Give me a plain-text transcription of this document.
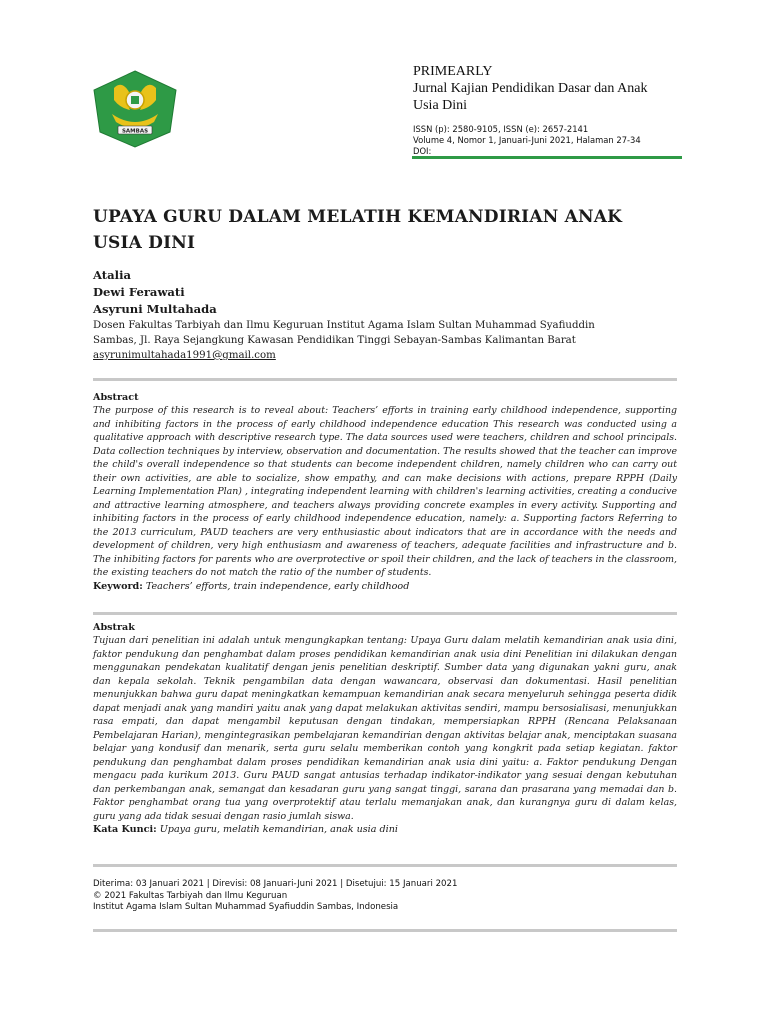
SAMBAS
PRIMEARLY
Jurnal Kajian Pendidikan Dasar dan Anak
Usia Dini
ISSN (p): 2580-9105, ISSN (e): 2657-2141
Volume 4, Nomor 1, Januari-Juni 2021, Halaman 27-34
DOI:
UPAYA GURU DALAM MELATIH KEMANDIRIAN ANAK
USIA DINI
Atalia
Dewi Ferawati
Asyruni Multahada
Dosen Fakultas Tarbiyah dan Ilmu Keguruan Institut Agama Islam Sultan Muhammad Syafiuddin
Sambas, Jl. Raya Sejangkung Kawasan Pendidikan Tinggi Sebayan-Sambas Kalimantan Barat
asyrunimultahada1991@gmail.com
Abstract
The purpose of this research is to reveal about: Teachers’ efforts in training early childhood independence, supporting and inhibiting factors in the process of early childhood independence education This research was conducted using a qualitative approach with descriptive research type. The data sources used were teachers, children and school principals. Data collection techniques by interview, observation and documentation. The results showed that the teacher can improve the child's overall independence so that students can become independent children, namely children who can carry out their own activities, are able to socialize, show empathy, and can make decisions with actions, prepare RPPH (Daily Learning Implementation Plan) , integrating independent learning with children's learning activities, creating a conducive and attractive learning atmosphere, and teachers always providing concrete examples in every activity. Supporting and inhibiting factors in the process of early childhood independence education, namely: a. Supporting factors Referring to the 2013 curriculum, PAUD teachers are very enthusiastic about indicators that are in accordance with the needs and development of children, very high enthusiasm and awareness of teachers, adequate facilities and infrastructure and b. The inhibiting factors for parents who are overprotective or spoil their children, and the lack of teachers in the classroom, the existing teachers do not match the ratio of the number of students.
Keyword: Teachers’ efforts, train independence, early childhood
Abstrak
Tujuan dari penelitian ini adalah untuk mengungkapkan tentang: Upaya Guru dalam melatih kemandirian anak usia dini, faktor pendukung dan penghambat dalam proses pendidikan kemandirian anak usia dini Penelitian ini dilakukan dengan menggunakan pendekatan kualitatif dengan jenis penelitian deskriptif. Sumber data yang digunakan yakni guru, anak dan kepala sekolah. Teknik pengambilan data dengan wawancara, observasi dan dokumentasi. Hasil penelitian menunjukkan bahwa guru dapat meningkatkan kemampuan kemandirian anak secara menyeluruh sehingga peserta didik dapat menjadi anak yang mandiri yaitu anak yang dapat melakukan aktivitas sendiri, mampu bersosialisasi, menunjukkan rasa empati, dan dapat mengambil keputusan dengan tindakan, mempersiapkan RPPH (Rencana Pelaksanaan Pembelajaran Harian), mengintegrasikan pembelajaran kemandirian dengan aktivitas belajar anak, menciptakan suasana belajar yang kondusif dan menarik, serta guru selalu memberikan contoh yang kongkrit pada setiap kegiatan. faktor pendukung dan penghambat dalam proses pendidikan kemandirian anak usia dini yaitu: a. Faktor pendukung Dengan mengacu pada kurikum 2013. Guru PAUD sangat antusias terhadap indikator-indikator yang sesuai dengan kebutuhan dan perkembangan anak, semangat dan kesadaran guru yang sangat tinggi, sarana dan prasarana yang memadai dan b. Faktor penghambat orang tua yang overprotektif atau terlalu memanjakan anak, dan kurangnya guru di dalam kelas, guru yang ada tidak sesuai dengan rasio jumlah siswa.
Kata Kunci: Upaya guru, melatih kemandirian, anak usia dini
Diterima: 03 Januari 2021 | Direvisi: 08 Januari-Juni 2021 | Disetujui: 15 Januari 2021
© 2021 Fakultas Tarbiyah dan Ilmu Keguruan
Institut Agama Islam Sultan Muhammad Syafiuddin Sambas, Indonesia
